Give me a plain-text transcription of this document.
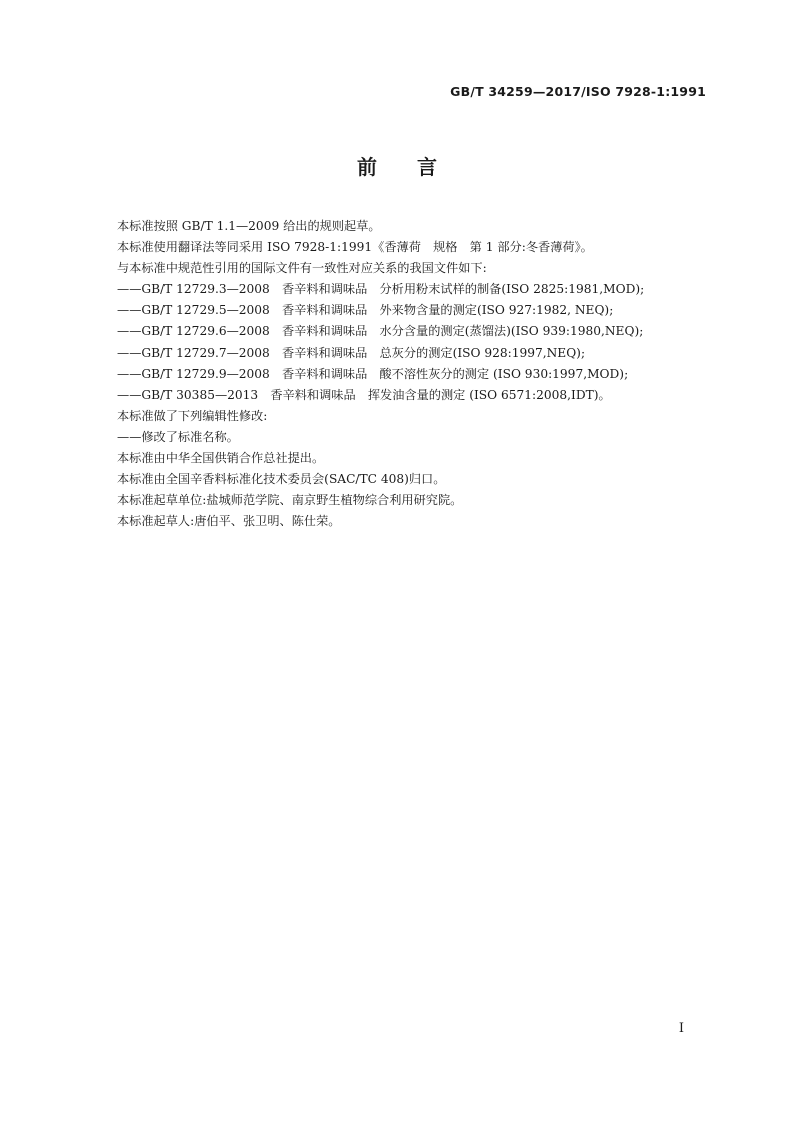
GB/T 34259—2017/ISO 7928-1:1991
前　　言
本标准按照 GB/T 1.1—2009 给出的规则起草。
本标准使用翻译法等同采用 ISO 7928-1:1991《香薄荷　规格　第 1 部分:冬香薄荷》。
与本标准中规范性引用的国际文件有一致性对应关系的我国文件如下:
——GB/T 12729.3—2008　香辛料和调味品　分析用粉末试样的制备(ISO 2825:1981,MOD);
——GB/T 12729.5—2008　香辛料和调味品　外来物含量的测定(ISO 927:1982, NEQ);
——GB/T 12729.6—2008　香辛料和调味品　水分含量的测定(蒸馏法)(ISO 939:1980,NEQ);
——GB/T 12729.7—2008　香辛料和调味品　总灰分的测定(ISO 928:1997,NEQ);
——GB/T 12729.9—2008　香辛料和调味品　酸不溶性灰分的测定 (ISO 930:1997,MOD);
——GB/T 30385—2013　香辛料和调味品　挥发油含量的测定 (ISO 6571:2008,IDT)。
本标准做了下列编辑性修改:
——修改了标准名称。
本标准由中华全国供销合作总社提出。
本标准由全国辛香料标准化技术委员会(SAC/TC 408)归口。
本标准起草单位:盐城师范学院、南京野生植物综合利用研究院。
本标准起草人:唐伯平、张卫明、陈仕荣。
I
